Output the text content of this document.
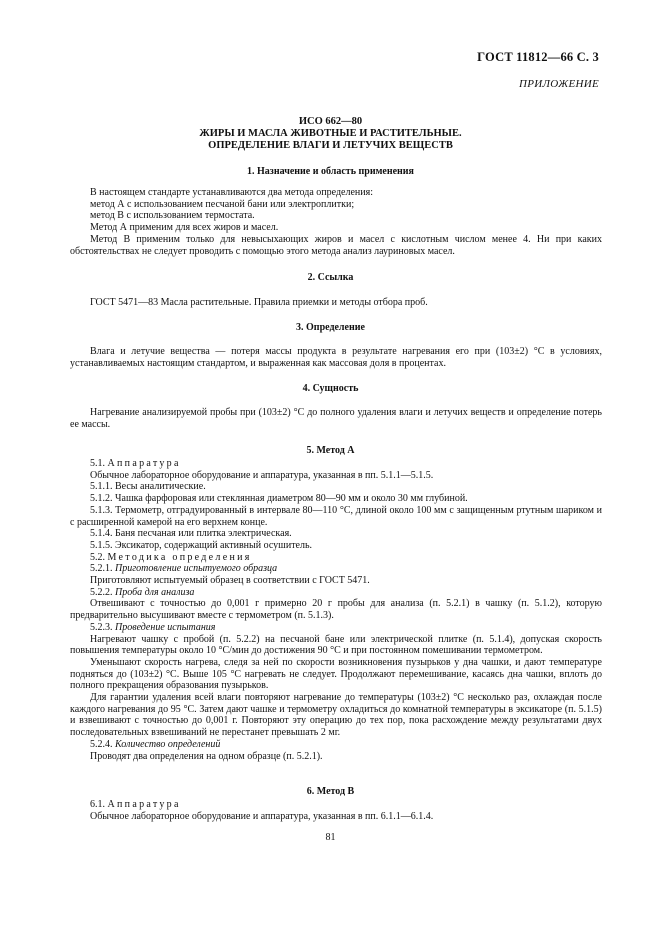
ГОСТ 11812—66 С. 3
ПРИЛОЖЕНИЕ
ИСО 662—80
ЖИРЫ И МАСЛА ЖИВОТНЫЕ И РАСТИТЕЛЬНЫЕ.
ОПРЕДЕЛЕНИЕ ВЛАГИ И ЛЕТУЧИХ ВЕЩЕСТВ
1. Назначение и область применения

В настоящем стандарте устанавливаются два метода определения:

метод А с использованием песчаной бани или электроплитки;

метод В с использованием термостата.

Метод А применим для всех жиров и масел.

Метод В применим только для невысыхающих жиров и масел с кислотным числом менее 4. Ни при каких обстоятельствах не следует проводить с помощью этого метода анализ лауриновых масел.

2. Ссылка

ГОСТ 5471—83 Масла растительные. Правила приемки и методы отбора проб.

3. Определение

Влага и летучие вещества — потеря массы продукта в результате нагревания его при (103±2) °С в условиях, устанавливаемых настоящим стандартом, и выраженная как массовая доля в процентах.

4. Сущность

Нагревание анализируемой пробы при (103±2) °С до полного удаления влаги и летучих веществ и определение потерь ее массы.

5. Метод А

5.1. Аппаратура

Обычное лабораторное оборудование и аппаратура, указанная в пп. 5.1.1—5.1.5.

5.1.1. Весы аналитические.

5.1.2. Чашка фарфоровая или стеклянная диаметром 80—90 мм и около 30 мм глубиной.

5.1.3. Термометр, отградуированный в интервале 80—110 °С, длиной около 100 мм с защищенным ртутным шариком и с расширенной камерой на его верхнем конце.

5.1.4. Баня песчаная или плитка электрическая.

5.1.5. Эксикатор, содержащий активный осушитель.

5.2. Методика определения

5.2.1. Приготовление испытуемого образца

Приготовляют испытуемый образец в соответствии с ГОСТ 5471.

5.2.2. Проба для анализа

Отвешивают с точностью до 0,001 г примерно 20 г пробы для анализа (п. 5.2.1) в чашку (п. 5.1.2), которую предварительно высушивают вместе с термометром (п. 5.1.3).

5.2.3. Проведение испытания

Нагревают чашку с пробой (п. 5.2.2) на песчаной бане или электрической плитке (п. 5.1.4), допуская скорость повышения температуры около 10 °С/мин до достижения 90 °С и при постоянном помешивании термометром.

Уменьшают скорость нагрева, следя за ней по скорости возникновения пузырьков у дна чашки, и дают температуре подняться до (103±2) °С. Выше 105 °С нагревать не следует. Продолжают перемешивание, касаясь дна чашки, вплоть до полного прекращения образования пузырьков.

Для гарантии удаления всей влаги повторяют нагревание до температуры (103±2) °С несколько раз, охлаждая после каждого нагревания до 95 °С. Затем дают чашке и термометру охладиться до комнатной температуры в эксикаторе (п. 5.1.5) и взвешивают с точностью до 0,001 г. Повторяют эту операцию до тех пор, пока расхождение между результатами двух последовательных взвешиваний не перестанет превышать 2 мг.

5.2.4. Количество определений

Проводят два определения на одном образце (п. 5.2.1).

6. Метод В

6.1. Аппаратура

Обычное лабораторное оборудование и аппаратура, указанная в пп. 6.1.1—6.1.4.

81
